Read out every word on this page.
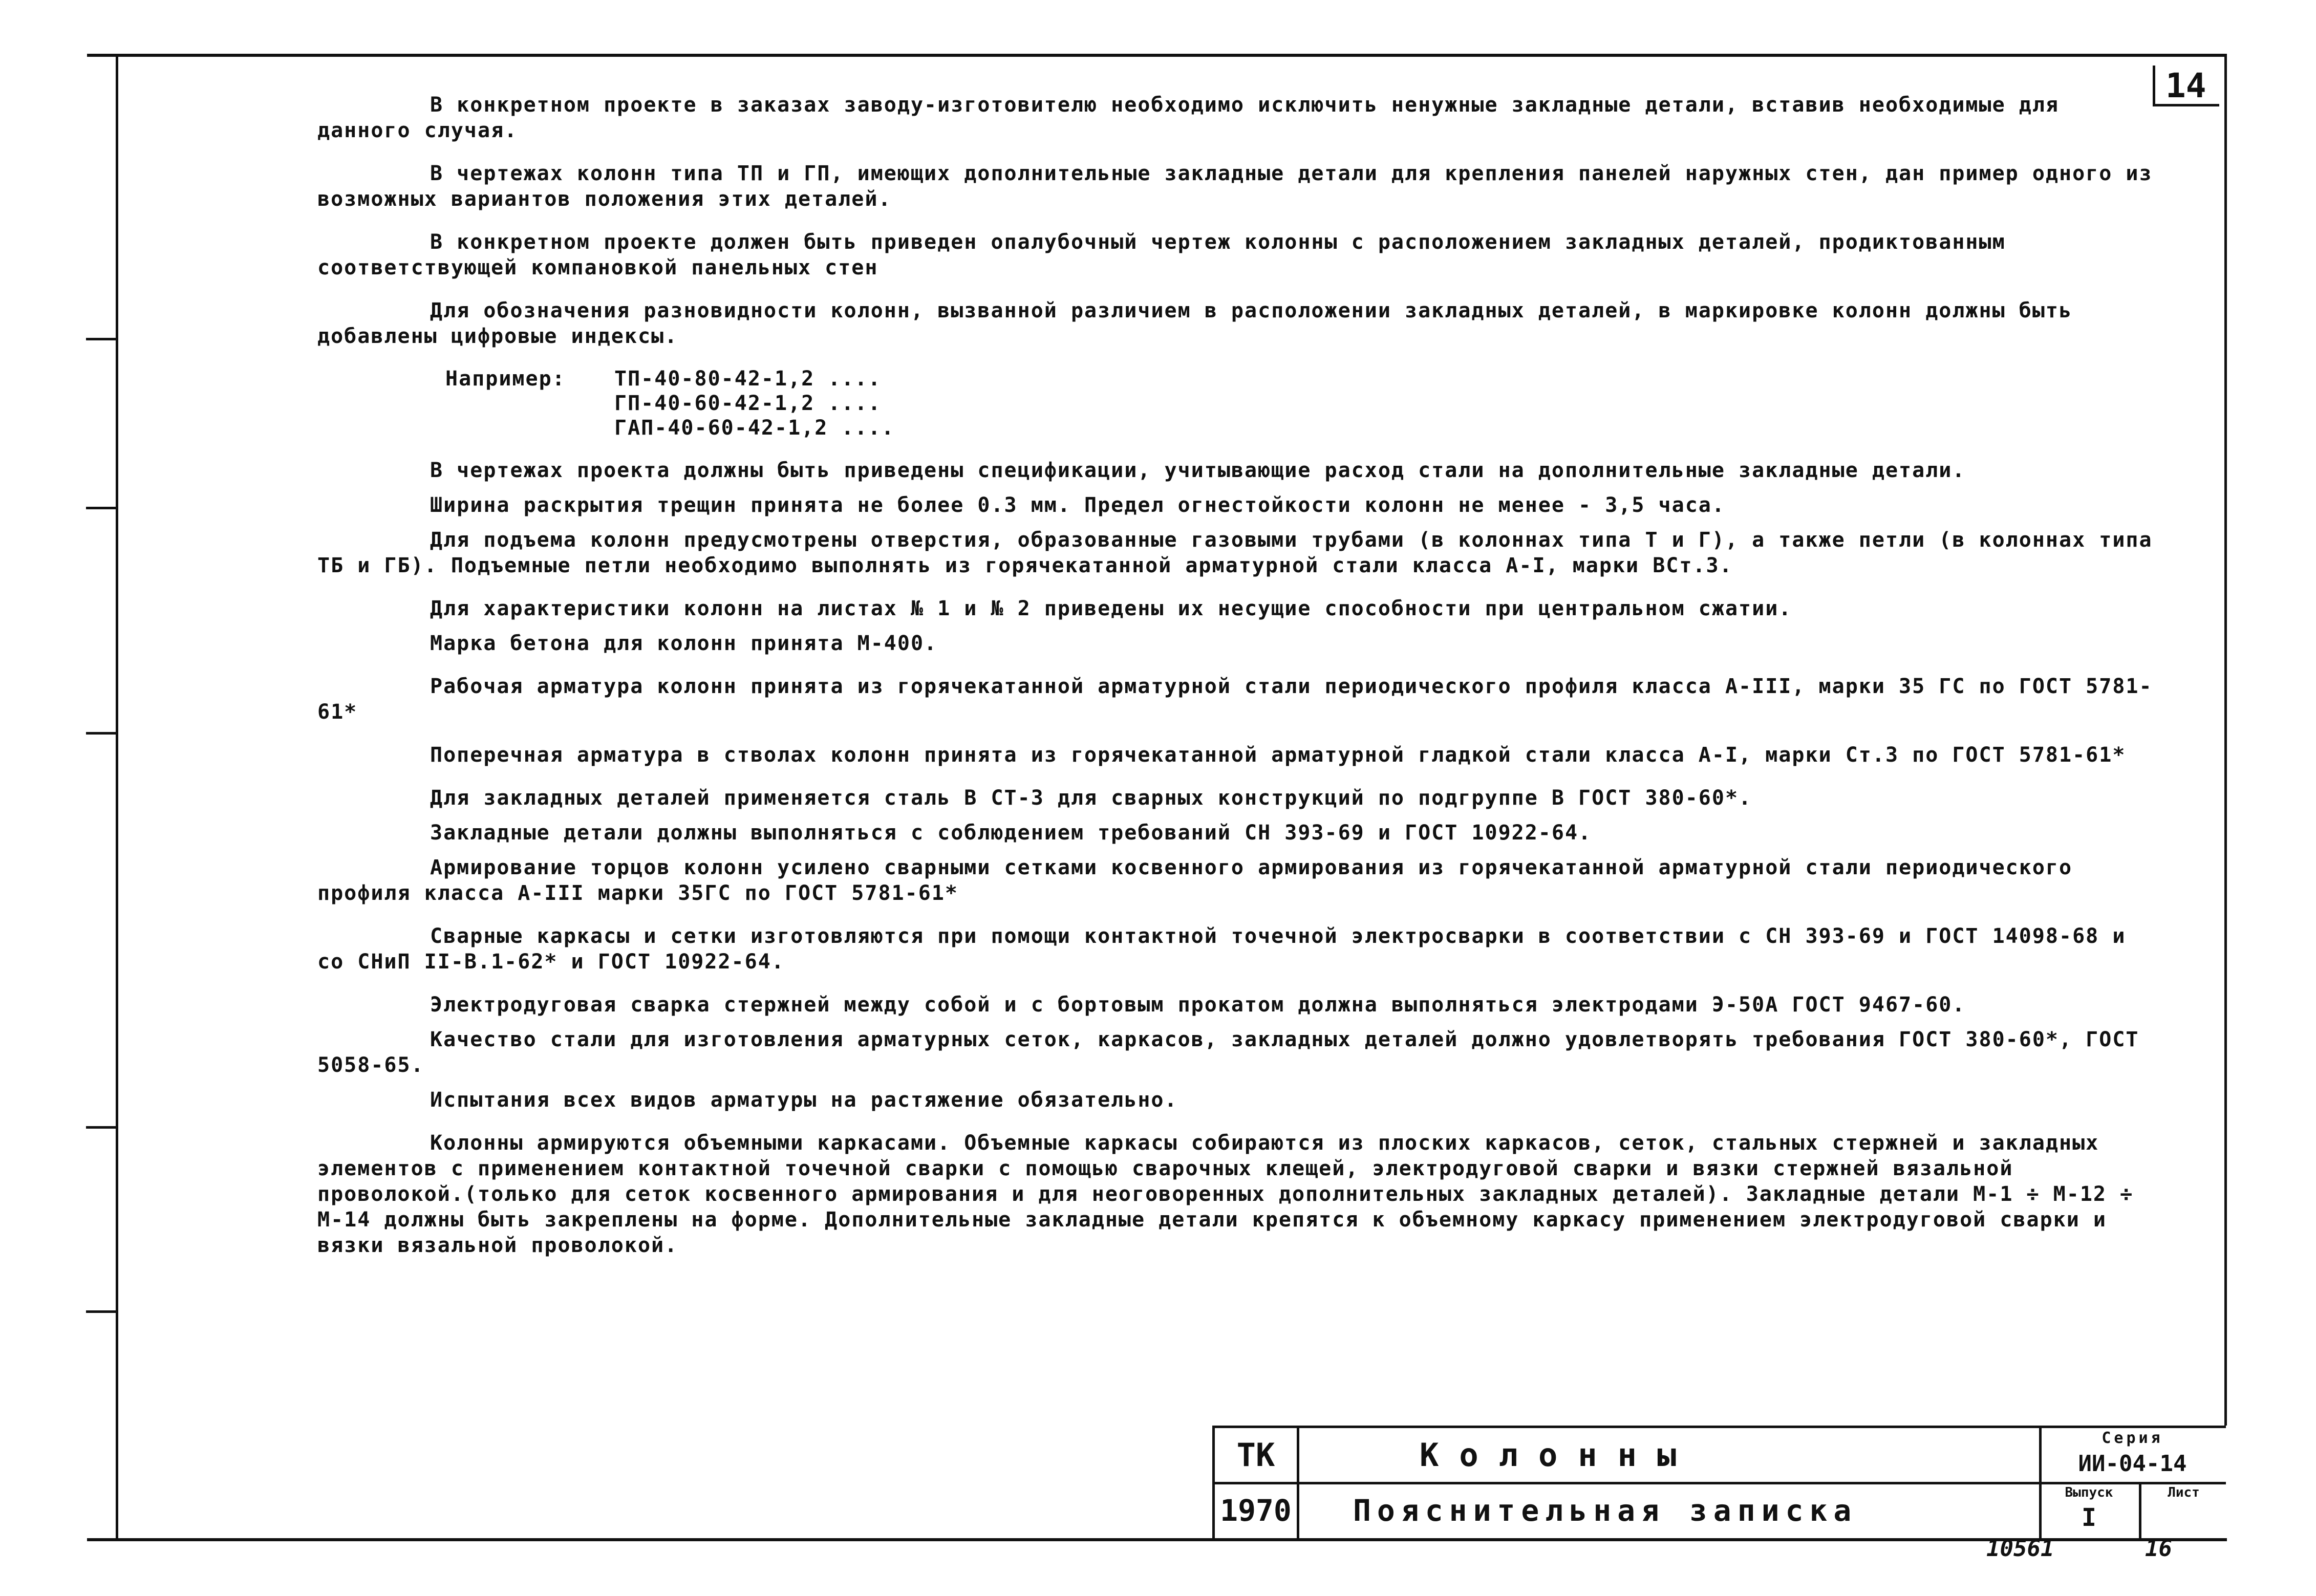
14

В конкретном проекте в заказах заводу-изготовителю необходимо исключить ненужные закладные детали, вставив необходимые для данного случая.

В чертежах колонн типа ТП и ГП, имеющих дополнительные закладные детали для крепления панелей наружных стен, дан пример одного из возможных вариантов положения этих деталей.

В конкретном проекте должен быть приведен опалубочный чертеж колонны с расположением закладных деталей, продиктованным соответствующей компановкой панельных стен

Для обозначения разновидности колонн, вызванной различием в расположении закладных деталей, в маркировке колонн должны быть добавлены цифровые индексы.

Например:	ТП-40-80-42-1,2 ....
ГП-40-60-42-1,2 ....
ГАП-40-60-42-1,2 ....

В чертежах проекта должны быть приведены спецификации, учитывающие расход стали на дополнительные закладные детали.

Ширина раскрытия трещин принята не более 0.3 мм. Предел огнестойкости колонн не менее - 3,5 часа.

Для подъема колонн предусмотрены отверстия, образованные газовыми трубами (в колоннах типа Т и Г), а также петли (в колоннах типа ТБ и ГБ). Подъемные петли необходимо выполнять из горячекатанной арматурной стали класса А-I, марки ВСт.3.

Для характеристики колонн на листах № 1 и № 2 приведены их несущие способности при центральном сжатии.

Марка бетона для колонн принята М-400.

Рабочая арматура колонн принята из горячекатанной арматурной стали периодического профиля класса А-III, марки 35 ГС по ГОСТ 5781-61*

Поперечная арматура в стволах колонн принята из горячекатанной арматурной гладкой стали класса А-I, марки Ст.3 по ГОСТ 5781-61*

Для закладных деталей применяется сталь В СТ-3 для сварных конструкций по подгруппе В ГОСТ 380-60*.

Закладные детали должны выполняться с соблюдением требований СН 393-69 и ГОСТ 10922-64.

Армирование торцов колонн усилено сварными сетками косвенного армирования из горячекатанной арматурной стали периодического профиля класса А-III марки 35ГС по ГОСТ 5781-61*

Сварные каркасы и сетки изготовляются при помощи контактной точечной электросварки в соответствии с СН 393-69 и ГОСТ 14098-68 и со СНиП II-В.1-62* и ГОСТ 10922-64.

Электродуговая сварка стержней между собой и с бортовым прокатом должна выполняться электродами Э-50А ГОСТ 9467-60.

Качество стали для изготовления арматурных сеток, каркасов, закладных деталей должно удовлетворять требования ГОСТ 380-60*, ГОСТ 5058-65.

Испытания всех видов арматуры на растяжение обязательно.

Колонны армируются объемными каркасами. Объемные каркасы собираются из плоских каркасов, сеток, стальных стержней и закладных элементов с применением контактной точечной сварки с помощью сварочных клещей, электродуговой сварки и вязки стержней вязальной проволокой.(только для сеток косвенного армирования и для неоговоренных дополнительных закладных деталей). Закладные детали М-1 ÷ М-12 ÷ М-14 должны быть закреплены на форме. Дополнительные закладные детали крепятся к объемному каркасу применением электродуговой сварки и вязки вязальной проволокой.

ТК
1970
Колонны
Пояснительная записка
Серия
ИИ-04-14
Выпуск
I
Лист
10561	16
